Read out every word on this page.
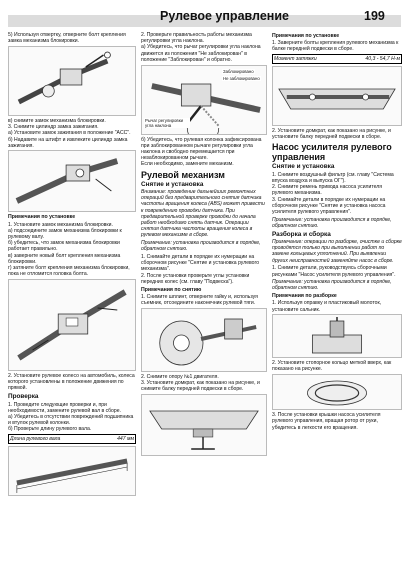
Рулевое управление	199
5) Используя отвертку, отверните болт крепления замка механизма блокировки.
в) снимите замок механизма блокировки.
3. Снимите цилиндр замка зажигания.
a) Установите замок зажигания в положение "ACC".
б) Надавите на штифт и извлеките цилиндр замка зажигания.
Примечания по установке
1. Установите замок механизма блокировки.
a) подсоедините замок механизма блокировки к рулевому валу.
б) убедитесь, что замок механизма блокировки работает правильно.
в) заверните новый болт крепления механизма блокировки.
г) затяните болт крепления механизма блокировки, пока не отломится головка болта.
2. Установите рулевое колесо на автомобиль, колеса которого установлены в положение движения по прямой.
Проверка
1. Проведите следующие проверки и, при необходимости, замените рулевой вал в сборе.
а) Убедитесь в отсутствии повреждений подшипника и втулок рулевой колонки.
б) Проверьте длину рулевого вала.
Длина рулевого вала	447 мм
2. Проверьте правильность работы механизма регулировки угла наклона.
а) Убедитесь, что рычаг регулировки угла наклона движется из положения "Не заблокирован" в положение "Заблокирован" и обратно.
Заблокировано
Не заблокировано
Рычаг регулировки угла наклона
б) Убедитесь, что рулевая колонка зафиксирована при заблокированном рычаге регулировки угла наклона и свободно перемещается при незаблокированном рычаге.
Если необходимо, замените механизм.
Рулевой механизм
Снятие и установка
Внимание: проведение дальнейших ремонтных операций без предварительного снятия датчика частоты вращения колеса (ABS) может привести к повреждению проводки датчика. При предварительной проверке проводки до начала работ необходимо снять датчик. Операции снятия датчика частоты вращения колеса в рулевом механизме в сборе.
Примечание: установка производится в порядке, обратном снятию.
1. Снимайте детали в порядке их нумерации на сборочном рисунке "Снятие и установка рулевого механизма".
2. После установки проверьте углы установки передних колес (см. главу "Подвеска").
Примечания по снятию
1. Снимите шплинт, отверните гайку и, используя съемник, отсоедините наконечник рулевой тяги.
2. Снимите опору №1 двигателя.
3. Установите домкрат, как показано на рисунке, и снимите балку передней подвески в сборе.
Примечания по установке
1. Заверните болты крепления рулевого механизма к балке передней подвески в сборе.
Момент затяжки	40,3 - 54,7 Н·м
2. Установите домкрат, как показано на рисунке, и установите балку передней подвески в сборе.
Насос усилителя рулевого управления
Снятие и установка
1. Снимите воздушный фильтр (см. главу "Система впуска воздуха и выпуска ОГ").
2. Снимите ремень привода насоса усилителя рулевого механизма.
3. Снимайте детали в порядке их нумерации на сборочном рисунке "Снятие и установка насоса усилителя рулевого управления".
Примечание: установка производится в порядке, обратном снятию.
Разборка и сборка
Примечание: операции по разборке, очистке и сборке проводятся только при выполнении работ по замене кольцевых уплотнений. При выявлении других неисправностей заменяйте насос в сборе.
1. Снимите детали, руководствуясь сборочными рисунками "Насос усилителя рулевого управления".
Примечание: установка производится в порядке, обратном снятию.
Примечания по разборке
1. Используя оправку и пластиковый молоток, установите сальник.
2. Установите стопорное кольцо меткой вверх, как показано на рисунке.
3. После установки крышки насоса усилителя рулевого управления, вращая ротор от руки, убедитесь в легкости его вращения.
